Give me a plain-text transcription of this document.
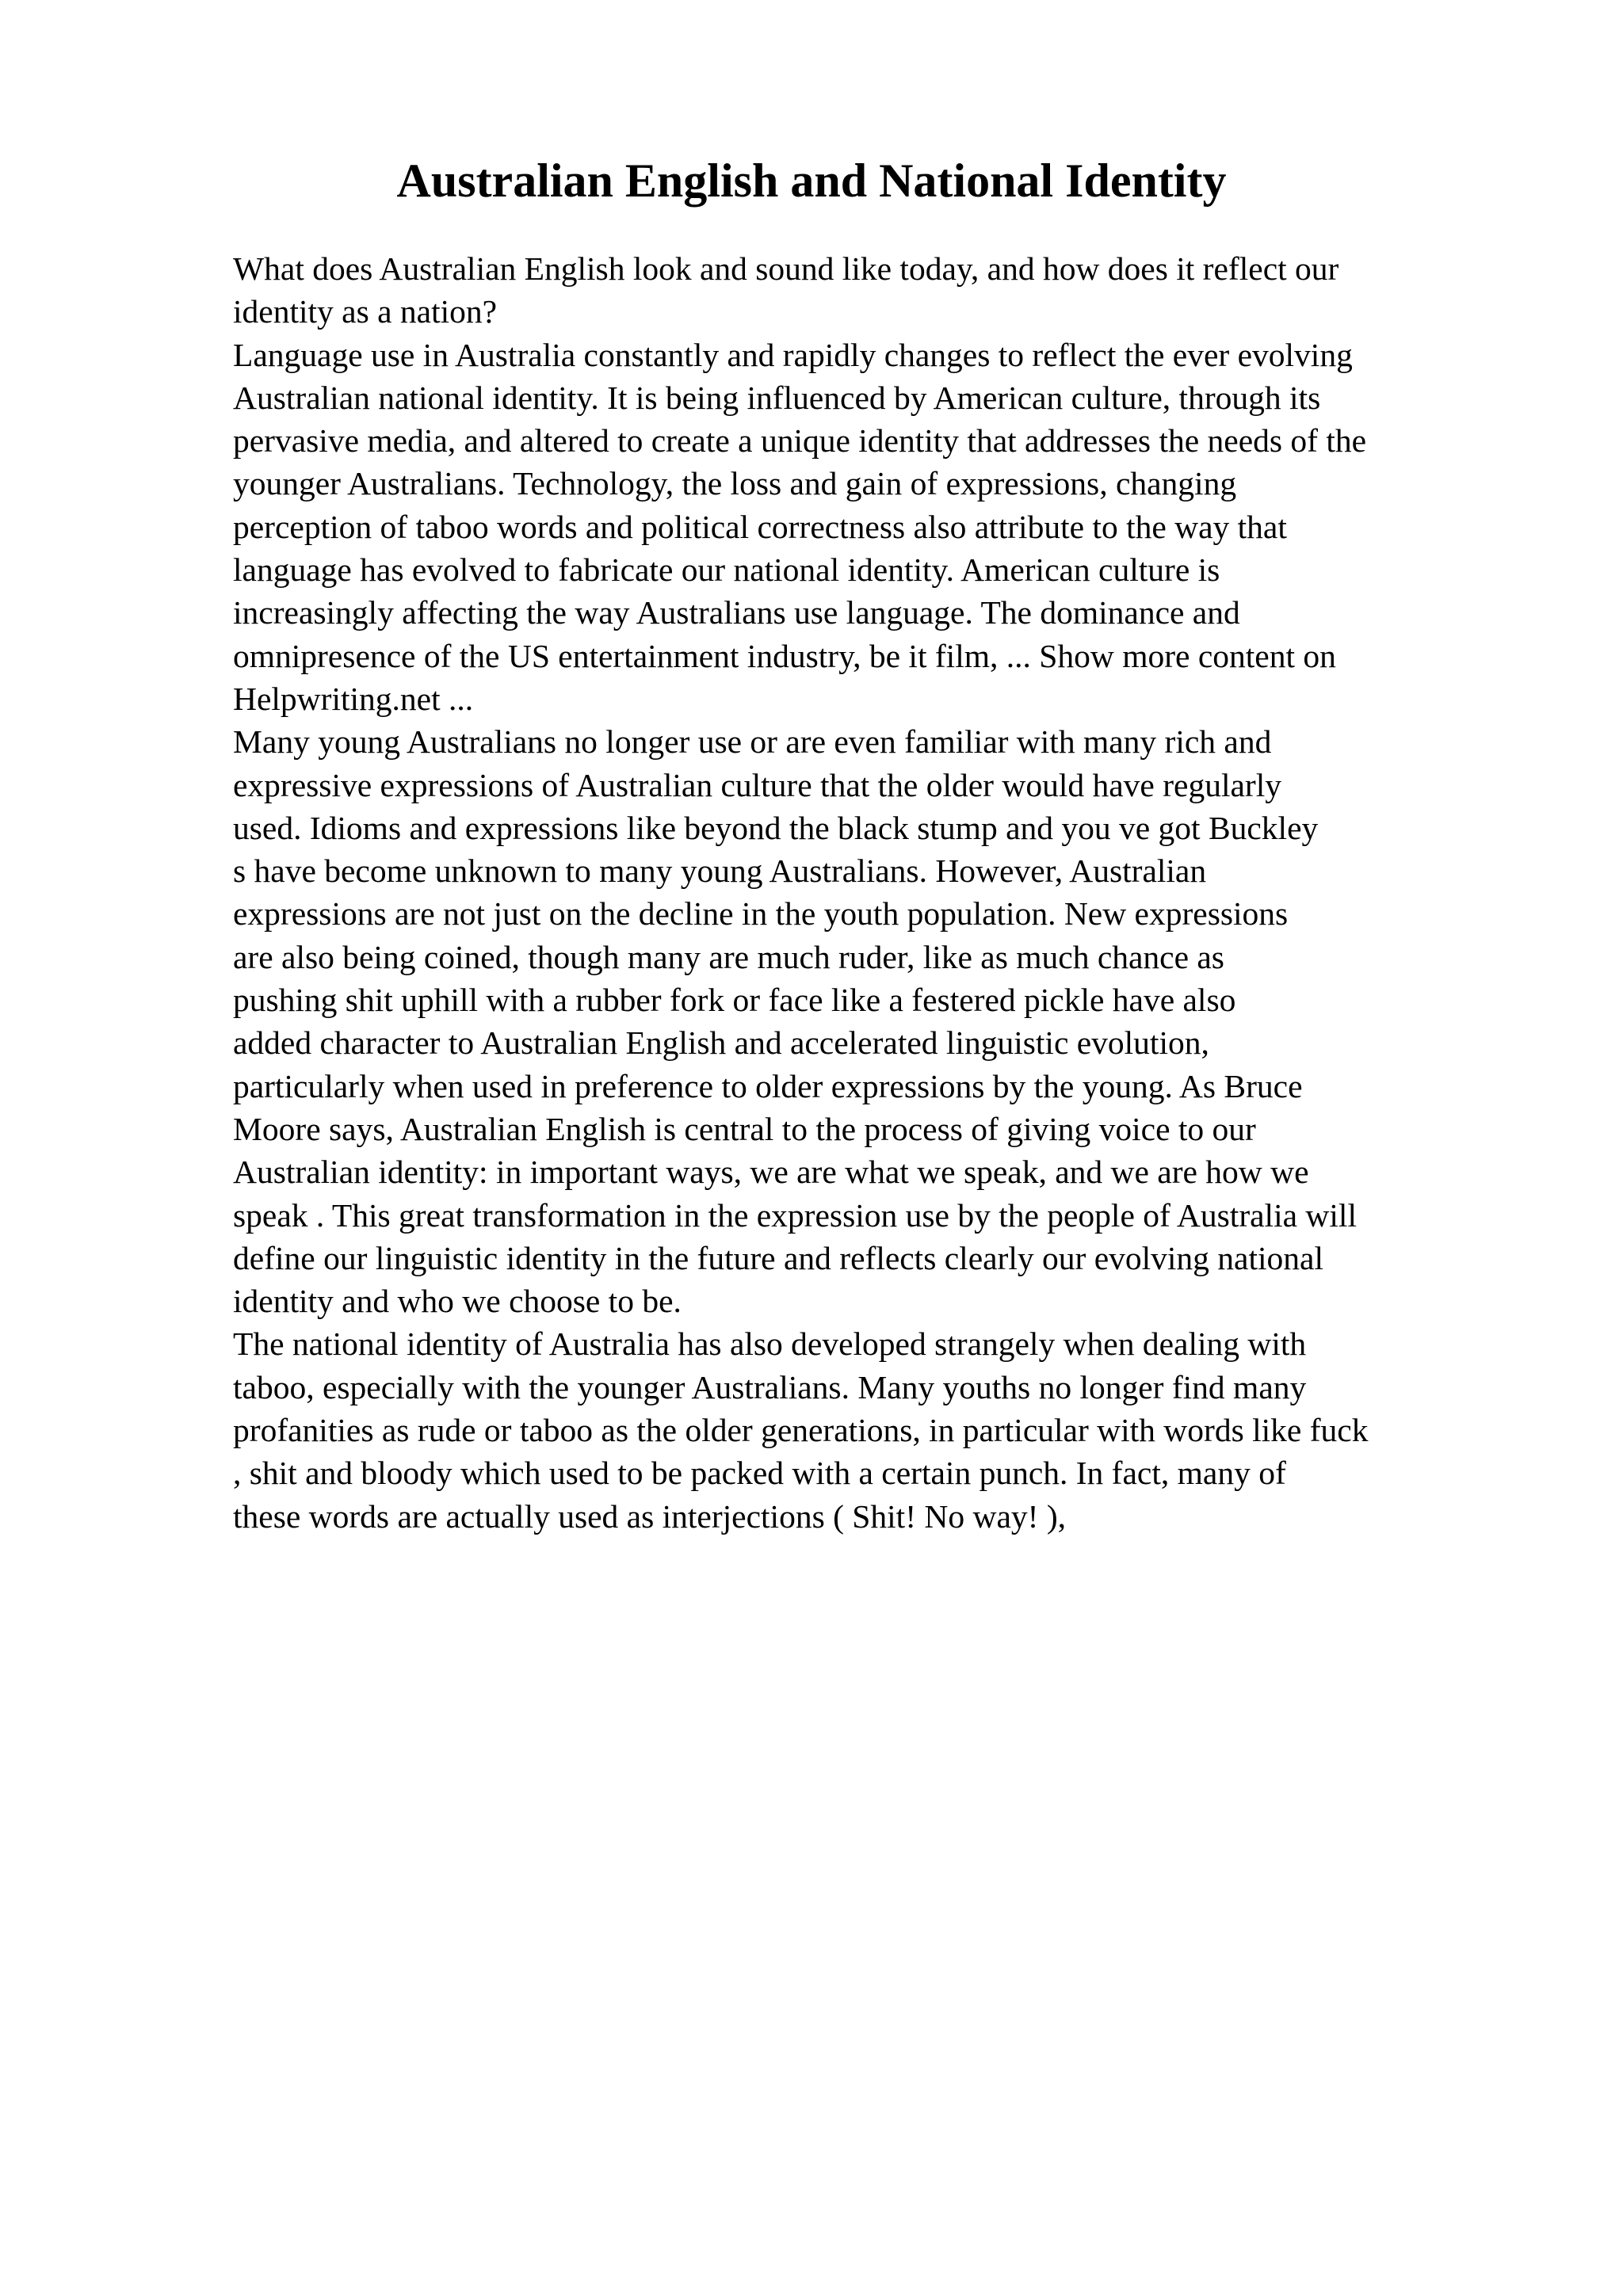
Australian English and National Identity
What does Australian English look and sound like today, and how does it reflect our
identity as a nation?
Language use in Australia constantly and rapidly changes to reflect the ever evolving
Australian national identity. It is being influenced by American culture, through its
pervasive media, and altered to create a unique identity that addresses the needs of the
younger Australians. Technology, the loss and gain of expressions, changing
perception of taboo words and political correctness also attribute to the way that
language has evolved to fabricate our national identity. American culture is
increasingly affecting the way Australians use language. The dominance and
omnipresence of the US entertainment industry, be it film, ... Show more content on
Helpwriting.net ...
Many young Australians no longer use or are even familiar with many rich and
expressive expressions of Australian culture that the older would have regularly
used. Idioms and expressions like beyond the black stump and you ve got Buckley
s have become unknown to many young Australians. However, Australian
expressions are not just on the decline in the youth population. New expressions
are also being coined, though many are much ruder, like as much chance as
pushing shit uphill with a rubber fork or face like a festered pickle have also
added character to Australian English and accelerated linguistic evolution,
particularly when used in preference to older expressions by the young. As Bruce
Moore says, Australian English is central to the process of giving voice to our
Australian identity: in important ways, we are what we speak, and we are how we
speak . This great transformation in the expression use by the people of Australia will
define our linguistic identity in the future and reflects clearly our evolving national
identity and who we choose to be.
The national identity of Australia has also developed strangely when dealing with
taboo, especially with the younger Australians. Many youths no longer find many
profanities as rude or taboo as the older generations, in particular with words like fuck
, shit and bloody which used to be packed with a certain punch. In fact, many of
these words are actually used as interjections ( Shit! No way! ),
